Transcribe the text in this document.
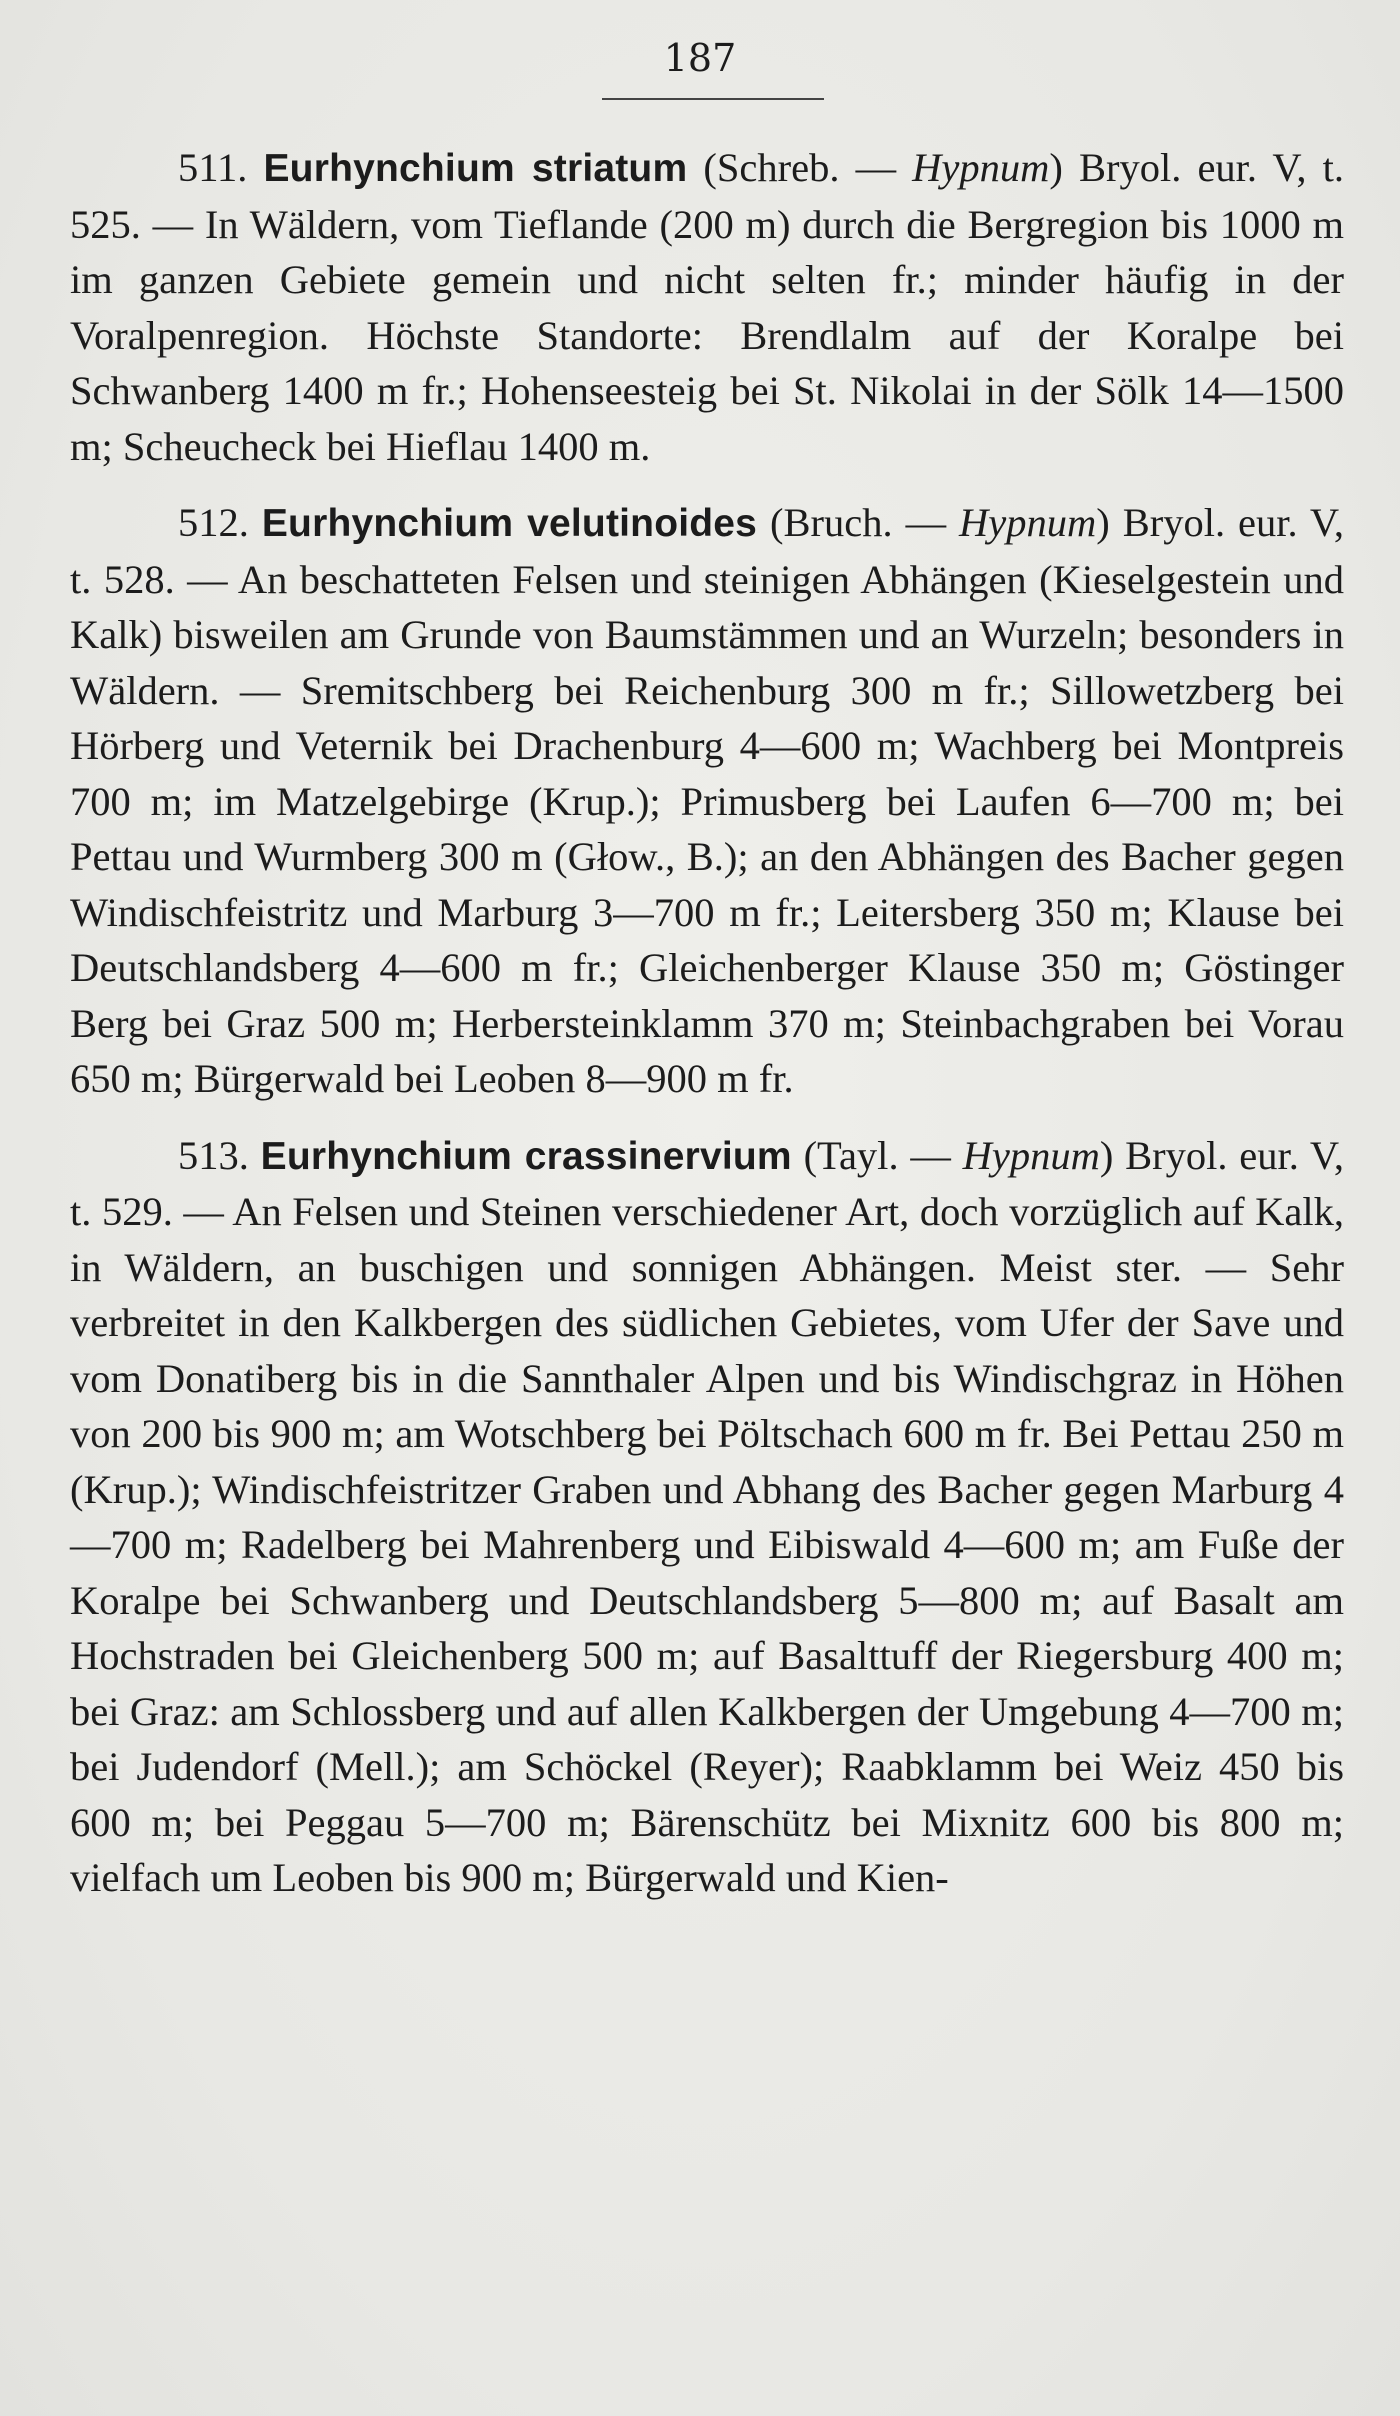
187

511. Eurhynchium striatum (Schreb. — Hypnum) Bryol. eur. V, t. 525. — In Wäldern, vom Tieflande (200 m) durch die Bergregion bis 1000 m im ganzen Gebiete gemein und nicht selten fr.; minder häufig in der Voralpenregion. Höchste Standorte: Brendlalm auf der Koralpe bei Schwanberg 1400 m fr.; Hohenseesteig bei St. Nikolai in der Sölk 14—1500 m; Scheucheck bei Hieflau 1400 m.

512. Eurhynchium velutinoides (Bruch. — Hypnum) Bryol. eur. V, t. 528. — An beschatteten Felsen und steinigen Abhängen (Kieselgestein und Kalk) bisweilen am Grunde von Baumstämmen und an Wurzeln; besonders in Wäldern. — Sremitschberg bei Reichenburg 300 m fr.; Sillowetzberg bei Hörberg und Veternik bei Drachenburg 4—600 m; Wachberg bei Montpreis 700 m; im Matzelgebirge (Krup.); Primusberg bei Laufen 6—700 m; bei Pettau und Wurmberg 300 m (Głow., B.); an den Abhängen des Bacher gegen Windischfeistritz und Marburg 3—700 m fr.; Leitersberg 350 m; Klause bei Deutschlandsberg 4—600 m fr.; Gleichenberger Klause 350 m; Göstinger Berg bei Graz 500 m; Herbersteinklamm 370 m; Steinbachgraben bei Vorau 650 m; Bürgerwald bei Leoben 8—900 m fr.

513. Eurhynchium crassinervium (Tayl. — Hypnum) Bryol. eur. V, t. 529. — An Felsen und Steinen verschiedener Art, doch vorzüglich auf Kalk, in Wäldern, an buschigen und sonnigen Abhängen. Meist ster. — Sehr verbreitet in den Kalkbergen des südlichen Gebietes, vom Ufer der Save und vom Donatiberg bis in die Sannthaler Alpen und bis Windischgraz in Höhen von 200 bis 900 m; am Wotschberg bei Pöltschach 600 m fr. Bei Pettau 250 m (Krup.); Windischfeistritzer Graben und Abhang des Bacher gegen Marburg 4—700 m; Radelberg bei Mahrenberg und Eibiswald 4—600 m; am Fuße der Koralpe bei Schwanberg und Deutschlandsberg 5—800 m; auf Basalt am Hochstraden bei Gleichenberg 500 m; auf Basalttuff der Riegersburg 400 m; bei Graz: am Schlossberg und auf allen Kalkbergen der Umgebung 4—700 m; bei Judendorf (Mell.); am Schöckel (Reyer); Raabklamm bei Weiz 450 bis 600 m; bei Peggau 5—700 m; Bärenschütz bei Mixnitz 600 bis 800 m; vielfach um Leoben bis 900 m; Bürgerwald und Kien-
